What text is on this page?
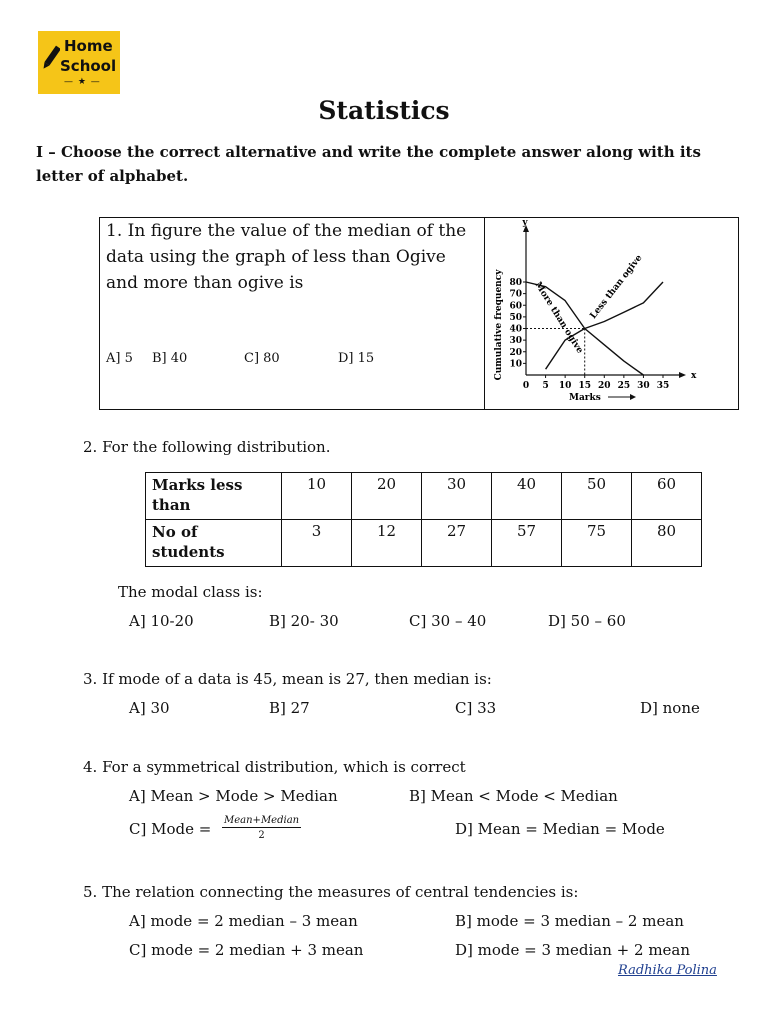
Home
School
— ★ —
Statistics
I – Choose the correct alternative and write the complete answer along with its letter of alphabet.
1. In figure the value of the median of the data using the graph of less than Ogive and more than ogive is
A] 5 B] 40	C] 80	D] 15
0 5 10 15 20 25 30 35
10
20
30
40
50
60
70
80
x
y
Marks
Cumulative frequency	More than ogive Less than ogive
2. For the following distribution.
Marks less than	10	20	30	40	50	60
No of students	3	12	27	57	75	80
The modal class is:
A] 10-20	B] 20- 30	C] 30 – 40	D] 50 – 60
3. If mode of a data is 45, mean is 27, then median is:
A] 30	B] 27	C] 33	D] none
4. For a symmetrical distribution, which is correct
A] Mean > Mode > Median	B] Mean < Mode < Median
C] Mode = Mean+Median
2	D] Mean = Median = Mode
5. The relation connecting the measures of central tendencies is:
A] mode = 2 median – 3 mean	B] mode = 3 median – 2 mean
C] mode = 2 median + 3 mean	D] mode = 3 median + 2 mean
Radhika Polina
